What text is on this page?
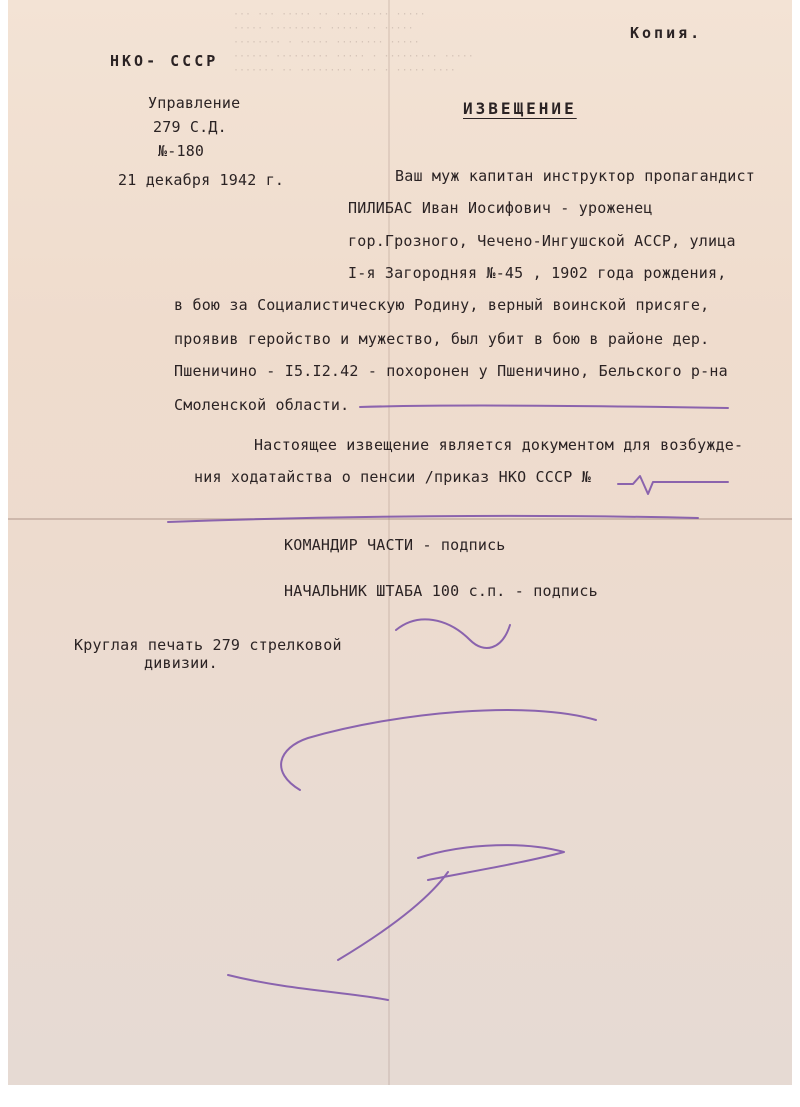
··· ··· ····· ·· ········· ·····
····· ········· ····· ·· ·····
········ · ····· ········ ·····
······ ········· ····· · ········· ·····
······· ·· ········· ··· · ····· ····
Копия.
НКО- СССР
Управление
279 С.Д.
№-180
ИЗВЕЩЕНИЕ
21 декабря 1942 г.	Ваш муж капитан инструктор пропагандист
ПИЛИБАС Иван Иосифович - уроженец
гор.Грозного, Чечено-Ингушской АССР, улица
I-я Загородняя №-45 , 1902 года рождения,
в бою за Социалистическую Родину, верный воинской присяге,
проявив геройство и мужество, был убит в бою в районе дер.
Пшеничино - I5.I2.42 - похоронен у Пшеничино, Бельского р-на
Смоленской области.
Настоящее извещение является документом для возбужде-
ния ходатайства о пенсии /приказ НКО СССР №
КОМАНДИР ЧАСТИ - подпись
НАЧАЛЬНИК ШТАБА 100 с.п. - подпись
Круглая печать 279 стрелковой
дивизии.
